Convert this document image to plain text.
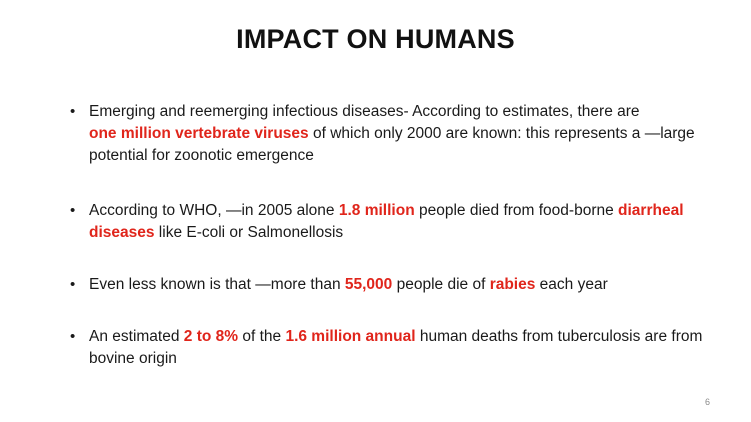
IMPACT ON HUMANS
• Emerging and reemerging infectious diseases- According to estimates, there are
one million vertebrate viruses of which only 2000 are known: this represents a —large potential for zoonotic emergence
• According to WHO, —in 2005 alone 1.8 million people died from food-borne diarrheal diseases like E-coli or Salmonellosis
• Even less known is that —more than 55,000 people die of rabies each year
• An estimated 2 to 8% of the 1.6 million annual human deaths from tuberculosis are from bovine origin
6
